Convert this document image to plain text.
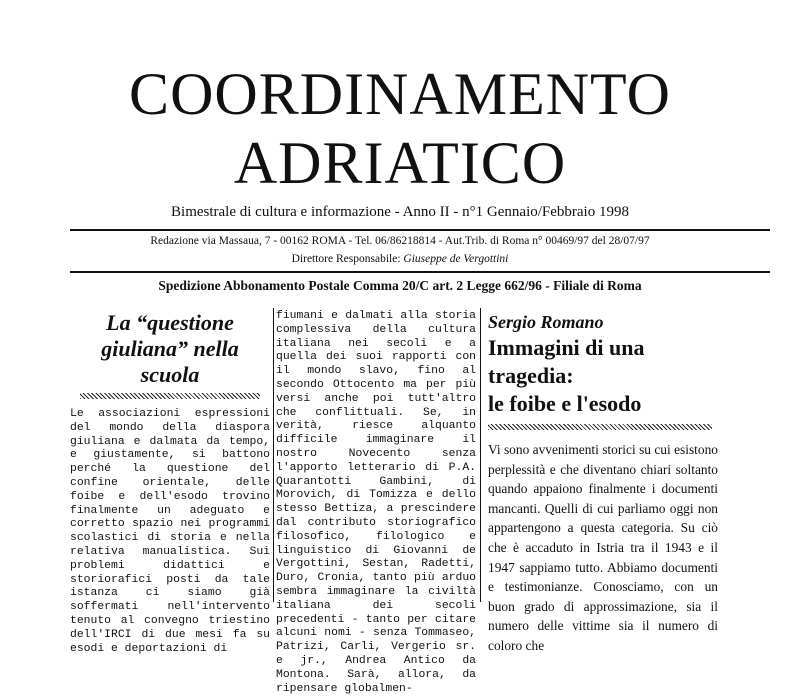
COORDINAMENTO
ADRIATICO
Bimestrale di cultura e informazione - Anno II - n°1 Gennaio/Febbraio 1998
Redazione via Massaua, 7 - 00162 ROMA - Tel. 06/86218814 - Aut.Trib. di Roma n° 00469/97 del 28/07/97
Direttore Responsabile: Giuseppe de Vergottini
Spedizione Abbonamento Postale Comma 20/C art. 2 Legge 662/96 - Filiale di Roma
La “questione giuliana” nella scuola

Le associazioni espressioni del mondo della diaspora giuliana e dalmata da tempo, e giustamente, si battono perché la questione del confine orientale, delle foibe e dell'esodo trovino finalmente un adeguato e corretto spazio nei programmi scolastici di storia e nella relativa manualistica. Sui problemi didattici e storiorafici posti da tale istanza ci siamo già soffermati nell'intervento tenuto al convegno triestino dell'IRCI di due mesi fa su esodi e deportazioni di

fiumani e dalmati alla storia complessiva della cultura italiana nei secoli e a quella dei suoi rapporti con il mondo slavo, fino al secondo Ottocento ma per più versi anche poi tutt'altro che conflittuali. Se, in verità, riesce alquanto difficile immaginare il nostro Novecento senza l'apporto letterario di P.A. Quarantotti Gambini, di Morovich, di Tomizza e dello stesso Bettiza, a prescindere dal contributo storiografico filosofico, filologico e linguistico di Giovanni de Vergottini, Sestan, Radetti, Duro, Cronia, tanto più arduo sembra immaginare la civiltà italiana dei secoli precedenti - tanto per citare alcuni nomi - senza Tommaseo, Patrizi, Carli, Vergerio sr. e jr., Andrea Antico da Montona. Sarà, allora, da ripensare globalmen-

Sergio Romano

Immagini di una
tragedia:
le foibe e l'esodo

Vi sono avvenimenti storici su cui esistono perplessità e che diventano chiari soltanto quando appaiono finalmente i documenti mancanti. Quelli di cui parliamo oggi non appartengono a questa categoria. Su ciò che è accaduto in Istria tra il 1943 e il 1947 sappiamo tutto. Abbiamo documenti e testimonianze. Conosciamo, con un buon grado di approssimazione, sia il numero delle vittime sia il numero di coloro che
